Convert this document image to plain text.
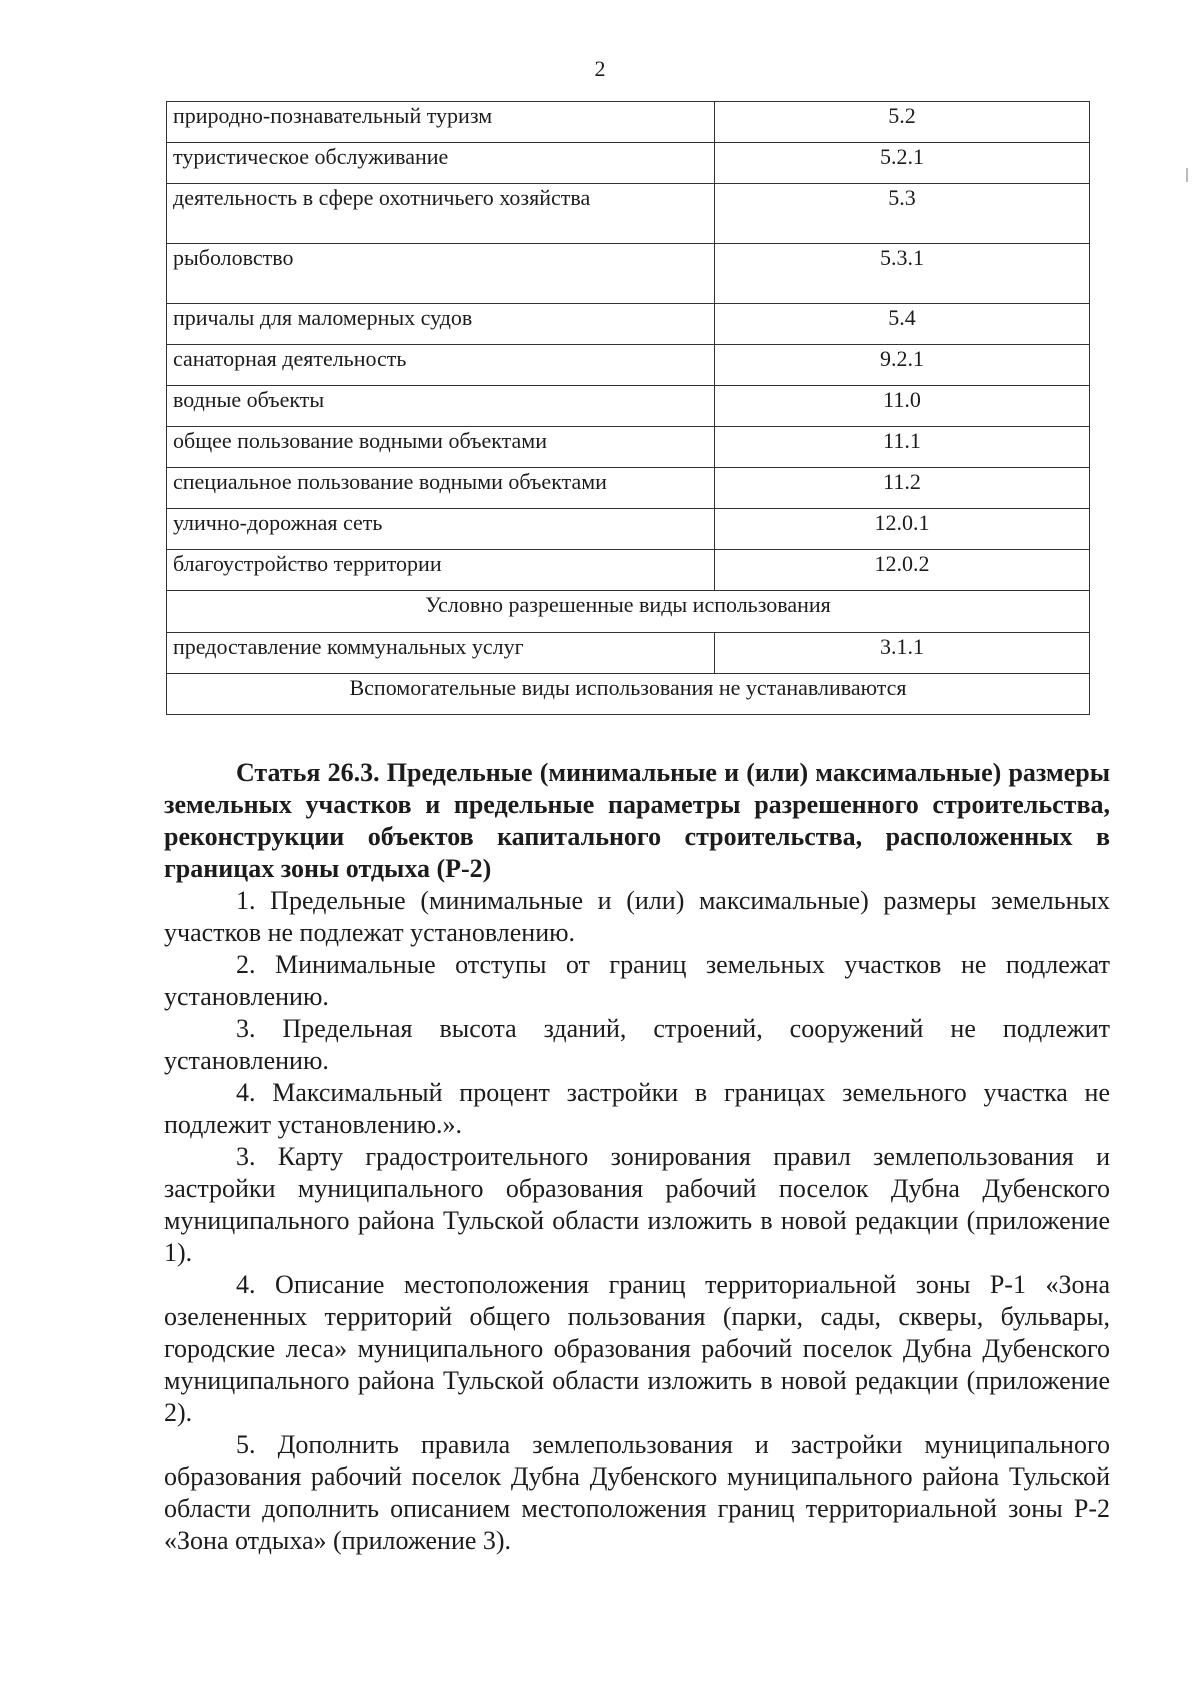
2
природно-познавательный туризм	5.2
туристическое обслуживание	5.2.1
деятельность в сфере охотничьего хозяйства	5.3
рыболовство	5.3.1
причалы для маломерных судов	5.4
санаторная деятельность	9.2.1
водные объекты	11.0
общее пользование водными объектами	11.1
специальное пользование водными объектами	11.2
улично-дорожная сеть	12.0.1
благоустройство территории	12.0.2
Условно разрешенные виды использования	
предоставление коммунальных услуг	3.1.1
Вспомогательные виды использования не устанавливаются	
Статья 26.3. Предельные (минимальные и (или) максимальные) размеры земельных участков и предельные параметры разрешенного строительства, реконструкции объектов капитального строительства, расположенных в границах зоны отдыха (Р-2)

1. Предельные (минимальные и (или) максимальные) размеры земельных участков не подлежат установлению.

2. Минимальные отступы от границ земельных участков не подлежат установлению.

3. Предельная высота зданий, строений, сооружений не подлежит установлению.

4. Максимальный процент застройки в границах земельного участка не подлежит установлению.».

3. Карту градостроительного зонирования правил землепользования и застройки муниципального образования рабочий поселок Дубна Дубенского муниципального района Тульской области изложить в новой редакции (приложение 1).

4. Описание местоположения границ территориальной зоны Р-1 «Зона озелененных территорий общего пользования (парки, сады, скверы, бульвары, городские леса» муниципального образования рабочий поселок Дубна Дубенского муниципального района Тульской области изложить в новой редакции (приложение 2).

5. Дополнить правила землепользования и застройки муниципального образования рабочий поселок Дубна Дубенского муниципального района Тульской области дополнить описанием местоположения границ территориальной зоны Р-2 «Зона отдыха» (приложение 3).
